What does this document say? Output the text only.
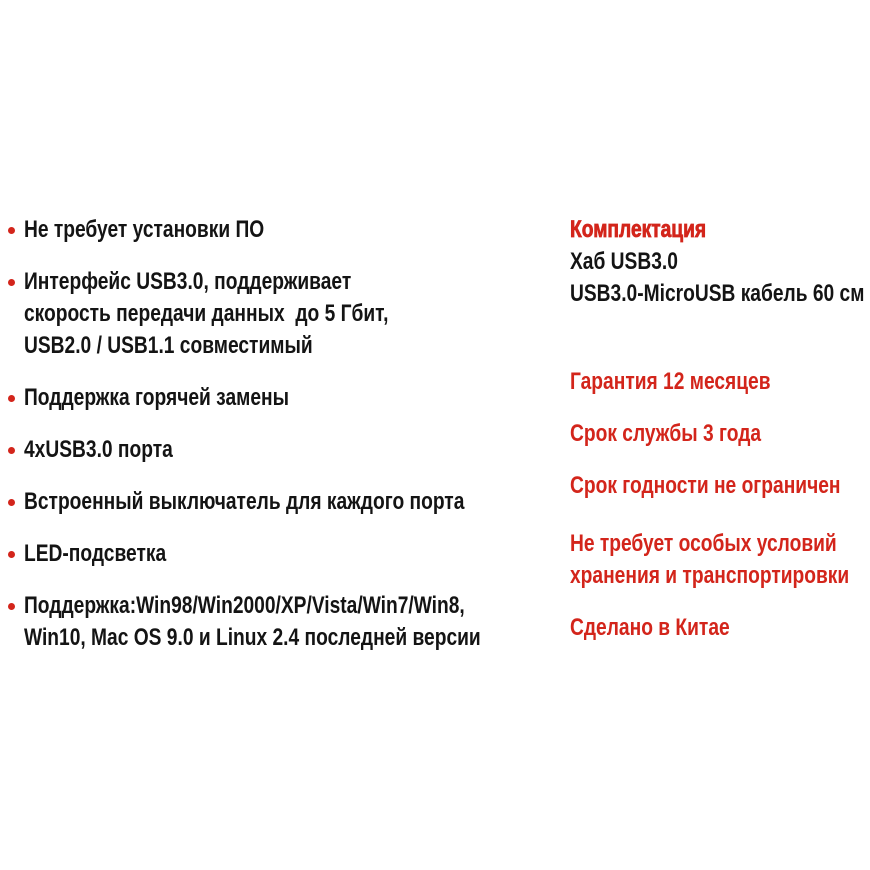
Не требует установки ПО
Интерфейс USB3.0, поддерживает
скорость передачи данных  до 5 Гбит,
USB2.0 / USB1.1 совместимый
Поддержка горячей замены
4xUSB3.0 порта
Встроенный выключатель для каждого порта
LED-подсветка
Поддержка:Win98/Win2000/XP/Vista/Win7/Win8,
Win10, Mac OS 9.0 и Linux 2.4 последней версии
Комплектация
Хаб USB3.0
USB3.0-MicroUSB кабель 60 см
Гарантия 12 месяцев
Срок службы 3 года
Срок годности не ограничен
Не требует особых условий
хранения и транспортировки
Сделано в Китае
